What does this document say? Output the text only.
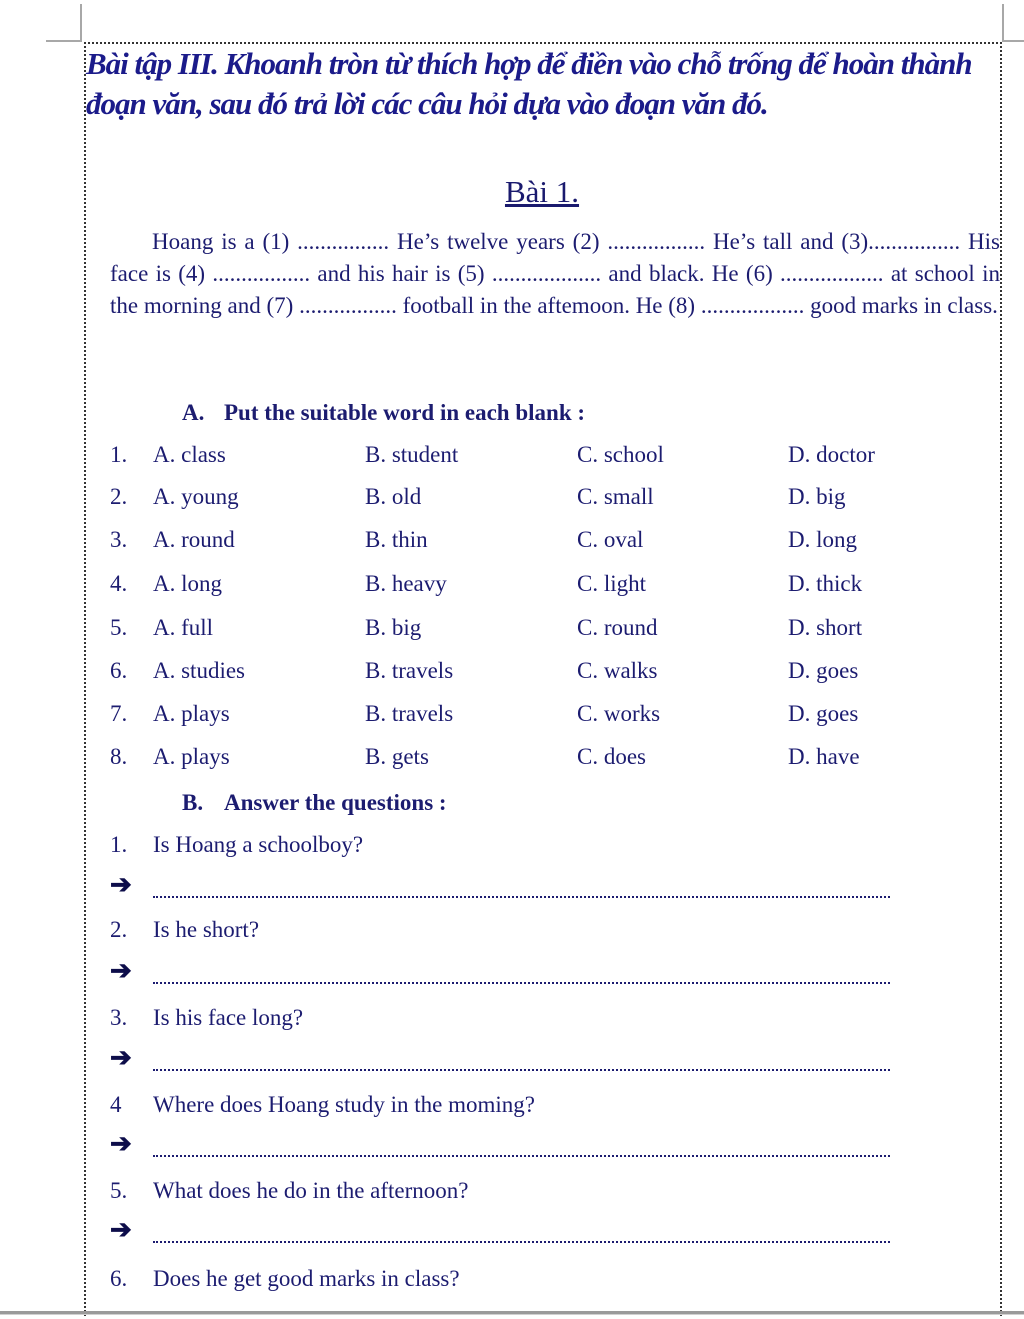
Bài tập III. Khoanh tròn từ thích hợp để điền vào chỗ trống để hoàn thành đoạn văn, sau đó trả lời các câu hỏi dựa vào đoạn văn đó.
Bài 1.
Hoang is a (1) ................ He’s twelve years (2) ................. He’s tall and (3)................ His face is (4) ................. and his hair is (5) ................... and black. He (6) .................. at school in the morning and (7) ................. football in the aftemoon. He (8) .................. good marks in class.
A. Put the suitable word in each blank :
1. A. class	B. student	C. school	D. doctor
2. A. young	B. old	C. small	D. big
3. A. round	B. thin	C. oval	D. long
4. A. long	B. heavy	C. light	D. thick
5. A. full	B. big	C. round	D. short
6. A. studies	B. travels	C. walks	D. goes
7. A. plays	B. travels	C. works	D. goes
8. A. plays	B. gets	C. does	D. have
B. Answer the questions :
1. Is Hoang a schoolboy?
➔
2. Is he short?
➔
3. Is his face long?
➔
4 Where does Hoang study in the moming?
➔
5. What does he do in the afternoon?
➔
6. Does he get good marks in class?
